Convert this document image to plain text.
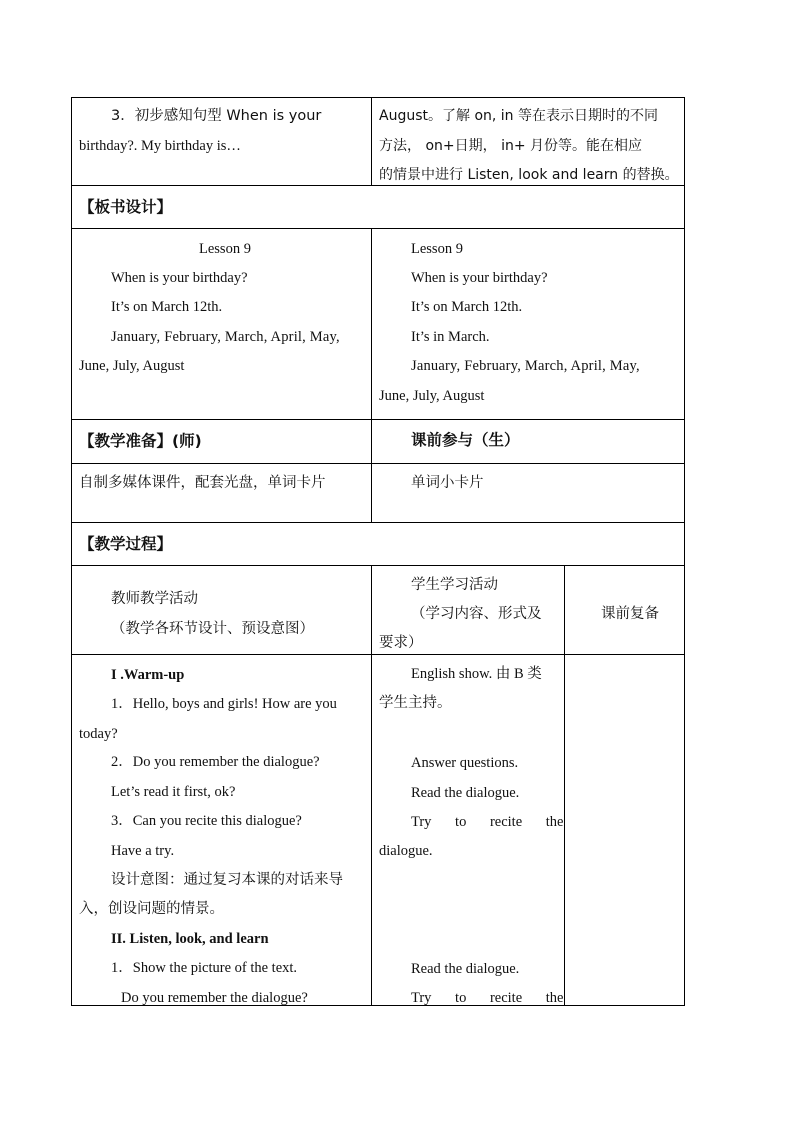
3．初步感知句型 When is your
birthday?. My birthday is…
August。了解 on, in 等在表示日期时的不同
方法， on+日期， in+ 月份等。能在相应
的情景中进行 Listen, look and learn 的替换。
【板书设计】
Lesson 9
When is your birthday?
It’s on March 12th.
January, February, March, April, May,
June, July, August
Lesson 9
When is your birthday?
It’s on March 12th.
It’s in March.
January, February, March, April, May,
June, July, August
【教学准备】(师)	课前参与（生）
自制多媒体课件，配套光盘，单词卡片	单词小卡片
【教学过程】
教师教学活动
（教学各环节设计、预设意图）
学生学习活动
（学习内容、形式及
要求）
课前复备
I .Warm-up
1．Hello, boys and girls! How are you
today?
2．Do you remember the dialogue?
Let’s read it first, ok?
3．Can you recite this dialogue?
Have a try.
设计意图：通过复习本课的对话来导
入，创设问题的情景。
II. Listen, look, and learn
1．Show the picture of the text.
Do you remember the dialogue?
English show. 由 B 类
学生主持。
Answer questions.
Read the dialogue.
Try to recite the
dialogue.
Read the dialogue.
Try to recite the
